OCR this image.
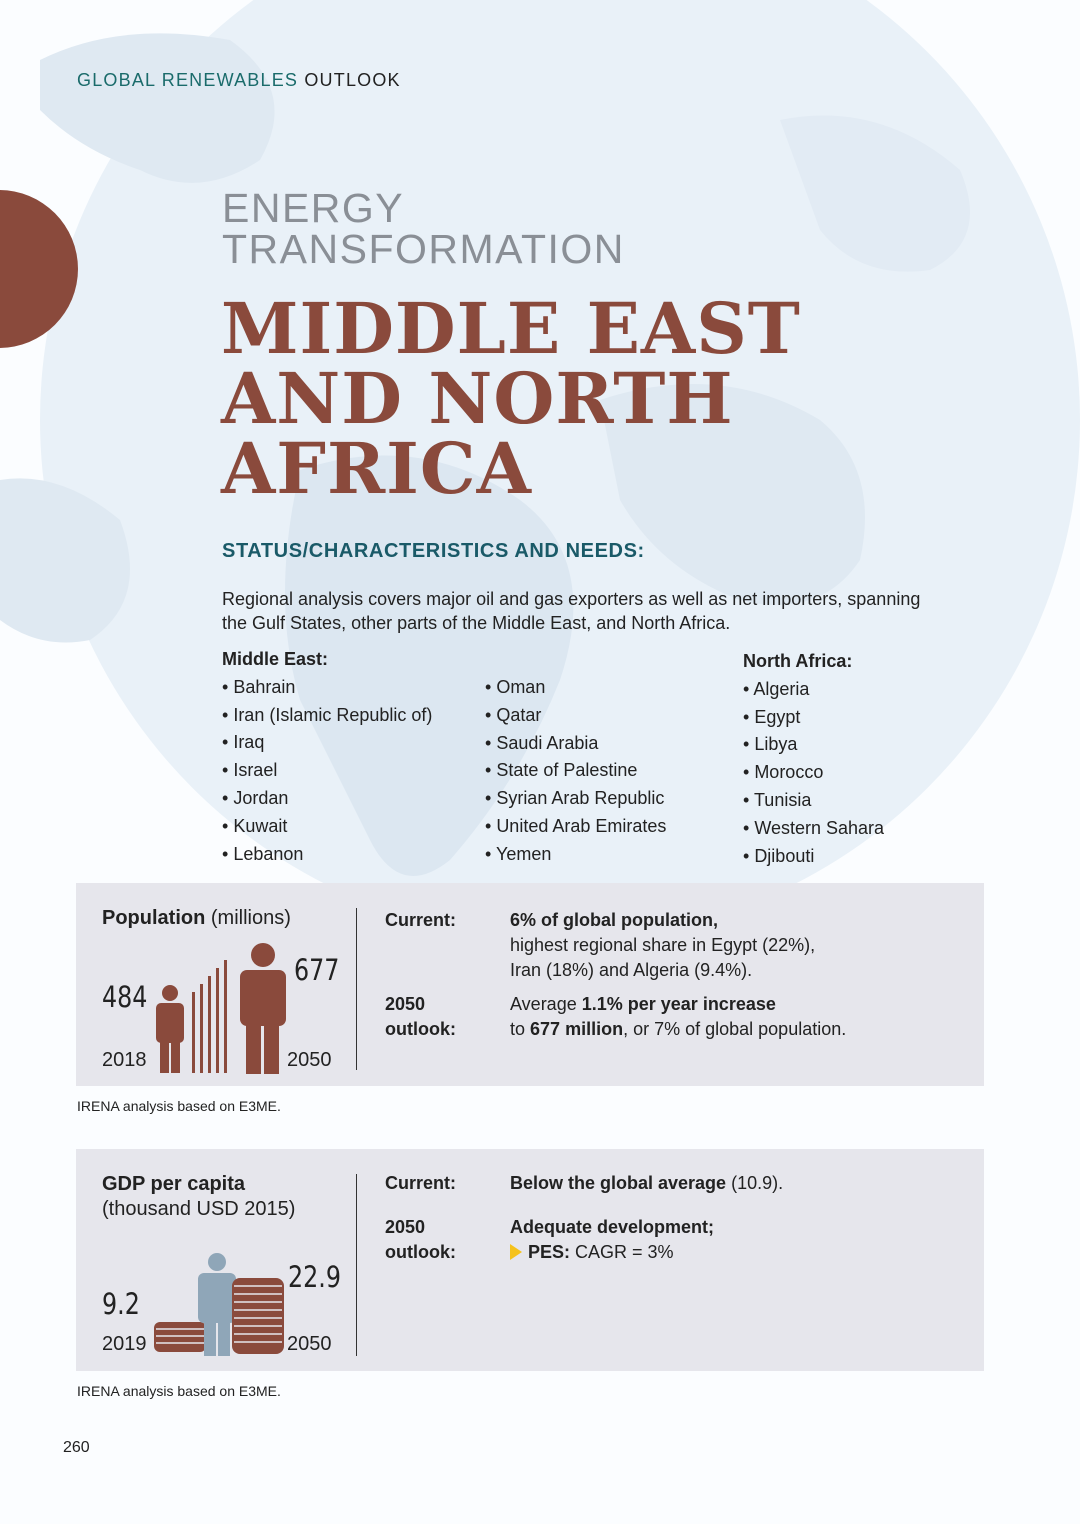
GLOBAL RENEWABLES OUTLOOK
ENERGY
TRANSFORMATION
MIDDLE EAST
AND NORTH
AFRICA
STATUS/CHARACTERISTICS AND NEEDS:
Regional analysis covers major oil and gas exporters as well as net importers, spanning the Gulf States, other parts of the Middle East, and North Africa.
Middle East:
• Bahrain
• Iran (Islamic Republic of)
• Iraq
• Israel
• Jordan
• Kuwait
• Lebanon
• Oman
• Qatar
• Saudi Arabia
• State of Palestine
• Syrian Arab Republic
• United Arab Emirates
• Yemen
North Africa:
• Algeria
• Egypt
• Libya
• Morocco
• Tunisia
• Western Sahara
• Djibouti
Population (millions)
484
677
2018	2050
Current:	6% of global population,
highest regional share in Egypt (22%),
Iran (18%) and Algeria (9.4%).
2050
outlook:
Average 1.1% per year increase
to 677 million, or 7% of global population.
IRENA analysis based on E3ME.
GDP per capita
(thousand USD 2015)
9.2
22.9
2019	2050
Current:	Below the global average (10.9).
2050
outlook:
Adequate development;
PES: CAGR = 3%
IRENA analysis based on E3ME.
260
